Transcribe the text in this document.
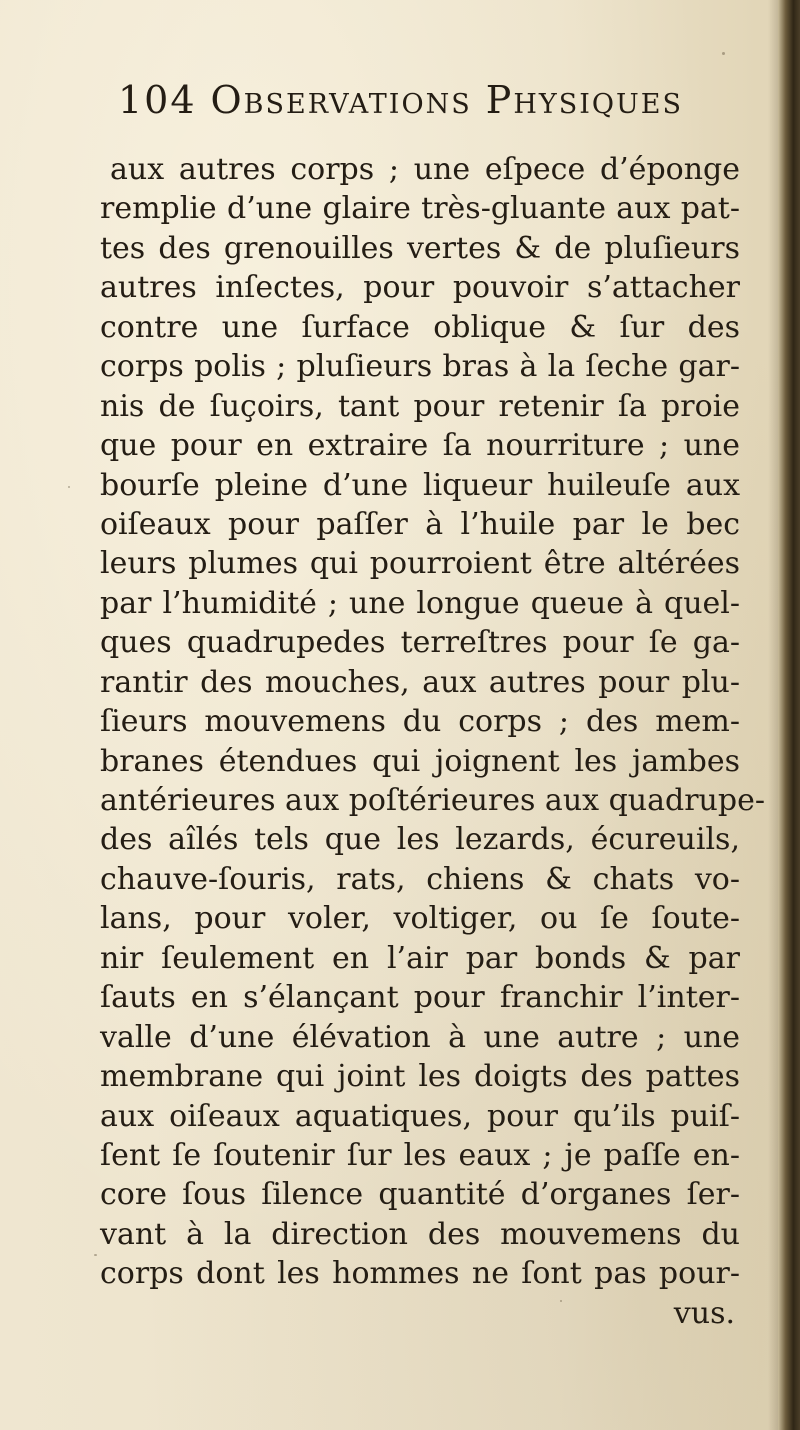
104 Observations Physiques
aux autres corps ; une eſpece d’éponge
remplie d’une glaire très-gluante aux pat-
tes des grenouilles vertes & de pluſieurs
autres inſectes, pour pouvoir s’attacher
contre une ſurface oblique & ſur des
corps polis ; pluſieurs bras à la ſeche gar-
nis de ſuçoirs, tant pour retenir ſa proie
que pour en extraire ſa nourriture ; une
bourſe pleine d’une liqueur huileuſe aux
oiſeaux pour paſſer à l’huile par le bec
leurs plumes qui pourroient être altérées
par l’humidité ; une longue queue à quel-
ques quadrupedes terreſtres pour ſe ga-
rantir des mouches, aux autres pour plu-
ſieurs mouvemens du corps ; des mem-
branes étendues qui joignent les jambes
antérieures aux poſtérieures aux quadrupe-
des aîlés tels que les lezards, écureuils,
chauve-ſouris, rats, chiens & chats vo-
lans, pour voler, voltiger, ou ſe ſoute-
nir ſeulement en l’air par bonds & par
ſauts en s’élançant pour franchir l’inter-
valle d’une élévation à une autre ; une
membrane qui joint les doigts des pattes
aux oiſeaux aquatiques, pour qu’ils puiſ-
ſent ſe ſoutenir ſur les eaux ; je paſſe en-
core ſous ſilence quantité d’organes ſer-
vant à la direction des mouvemens du
corps dont les hommes ne ſont pas pour-
vus.
